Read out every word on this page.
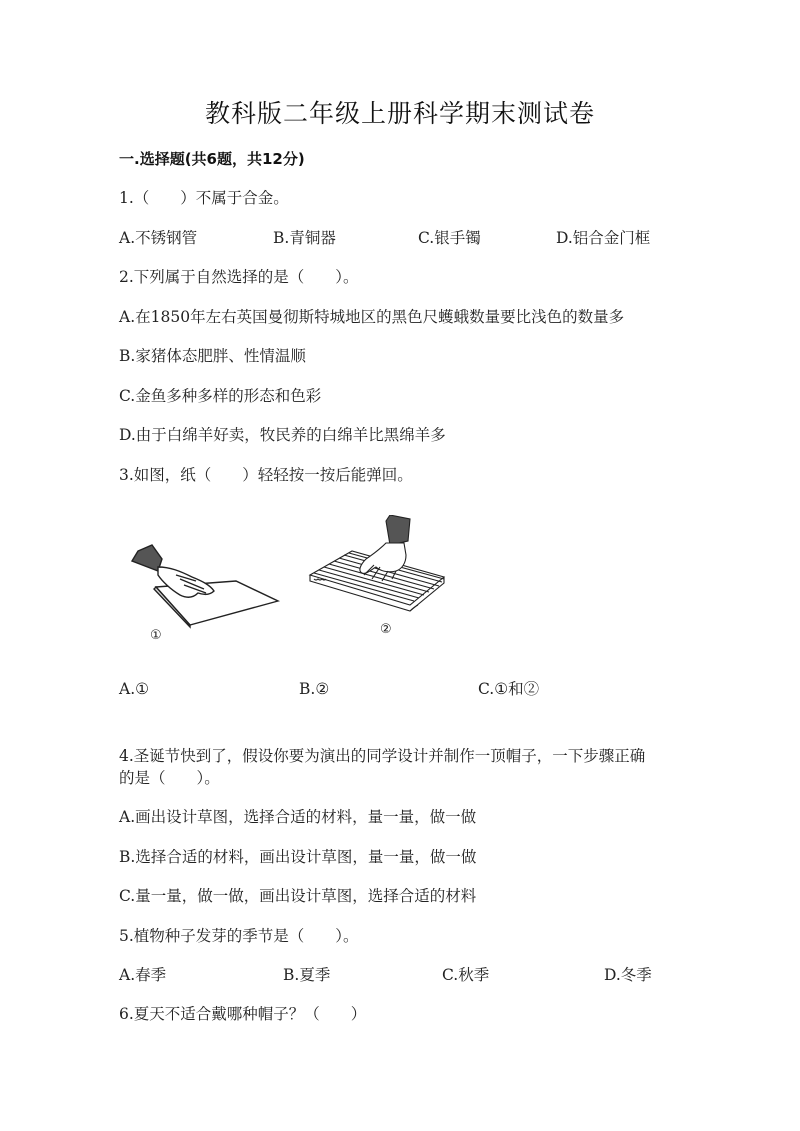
教科版二年级上册科学期末测试卷
一.选择题(共6题，共12分)
1.（　　）不属于合金。
A.不锈钢管	B.青铜器	C.银手镯	D.铝合金门框
2.下列属于自然选择的是（　　）。
A.在1850年左右英国曼彻斯特城地区的黑色尺蠖蛾数量要比浅色的数量多
B.家猪体态肥胖、性情温顺
C.金鱼多种多样的形态和色彩
D.由于白绵羊好卖，牧民养的白绵羊比黑绵羊多
3.如图，纸（　　）轻轻按一按后能弹回。
①	②
A.①	B.②	C.①和②
4.圣诞节快到了，假设你要为演出的同学设计并制作一顶帽子，一下步骤正确
的是（　　）。
A.画出设计草图，选择合适的材料，量一量，做一做
B.选择合适的材料，画出设计草图，量一量，做一做
C.量一量，做一做，画出设计草图，选择合适的材料
5.植物种子发芽的季节是（　　）。
A.春季	B.夏季	C.秋季	D.冬季
6.夏天不适合戴哪种帽子？（　　）
